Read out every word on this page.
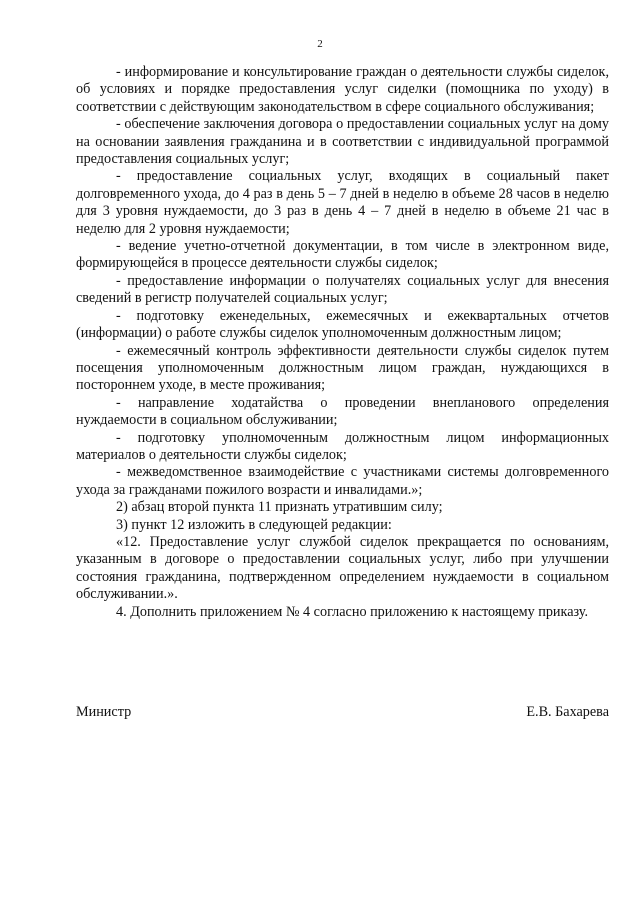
2

- информирование и консультирование граждан о деятельности службы сиделок, об условиях и порядке предоставления услуг сиделки (помощника по уходу) в соответствии с действующим законодательством в сфере социального обслуживания;

- обеспечение заключения договора о предоставлении социальных услуг на дому на основании заявления гражданина и в соответствии с индивидуальной программой предоставления социальных услуг;

- предоставление социальных услуг, входящих в социальный пакет долговременного ухода, до 4 раз в день 5 – 7 дней в неделю в объеме 28 часов в неделю для 3 уровня нуждаемости, до 3 раз в день 4 – 7 дней в неделю в объеме 21 час в неделю для 2 уровня нуждаемости;

- ведение учетно-отчетной документации, в том числе в электронном виде, формирующейся в процессе деятельности службы сиделок;

- предоставление информации о получателях социальных услуг для внесения сведений в регистр получателей социальных услуг;

- подготовку еженедельных, ежемесячных и ежеквартальных отчетов (информации) о работе службы сиделок уполномоченным должностным лицом;

- ежемесячный контроль эффективности деятельности службы сиделок путем посещения уполномоченным должностным лицом граждан, нуждающихся в постороннем уходе, в месте проживания;

- направление ходатайства о проведении внепланового определения нуждаемости в социальном обслуживании;

- подготовку уполномоченным должностным лицом информационных материалов о деятельности службы сиделок;

- межведомственное взаимодействие с участниками системы долговременного ухода за гражданами пожилого возрасти и инвалидами.»;

2) абзац второй пункта 11 признать утратившим силу;

3) пункт 12 изложить в следующей редакции:

«12. Предоставление услуг службой сиделок прекращается по основаниям, указанным в договоре о предоставлении социальных услуг, либо при улучшении состояния гражданина, подтвержденном определением нуждаемости в социальном обслуживании.».

4. Дополнить приложением № 4 согласно приложению к настоящему приказу.

Министр	Е.В. Бахарева
